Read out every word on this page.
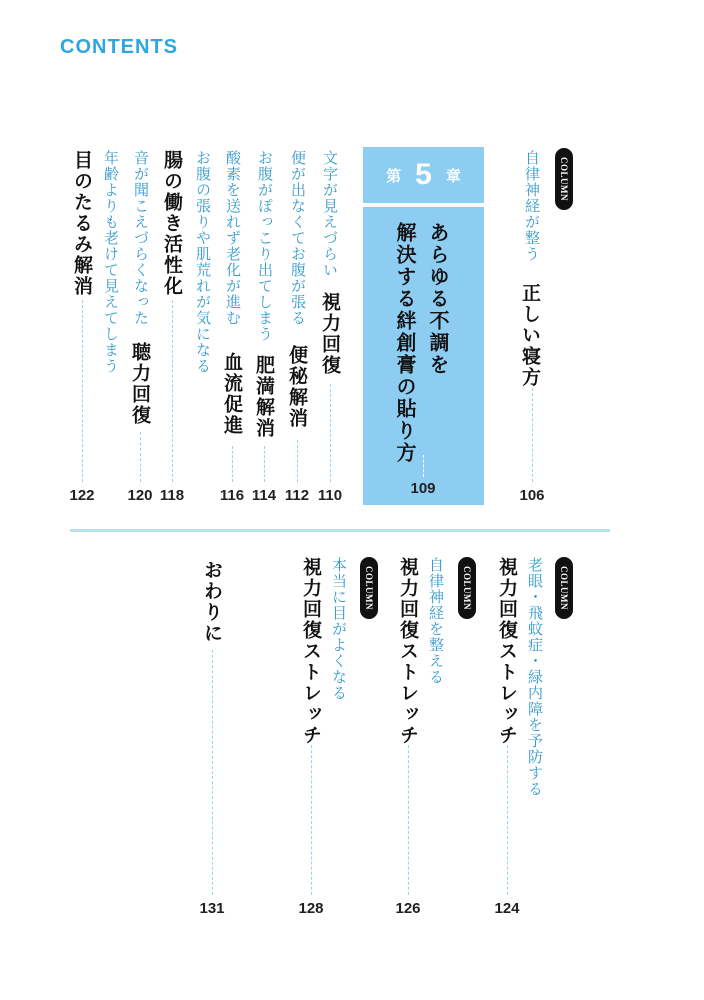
CONTENTS
COLUMN
自律神経が整う
正しい寝方
106
第 5 章
あらゆる不調を
解決する絆創膏の貼り方
109
文字が見えづらい
視力回復
110
便が出なくてお腹が張る
便秘解消
112
お腹がぽっこり出てしまう
肥満解消
114
酸素を送れず老化が進む
血流促進
116
お腹の張りや肌荒れが気になる
腸の働き活性化
118
音が聞こえづらくなった
聴力回復
120
年齢よりも老けて見えてしまう
目のたるみ解消
122
COLUMN
老眼・飛蚊症・緑内障を予防する
視力回復ストレッチ
124
COLUMN
自律神経を整える
視力回復ストレッチ
126
COLUMN
本当に目がよくなる
視力回復ストレッチ
128
おわりに
131
